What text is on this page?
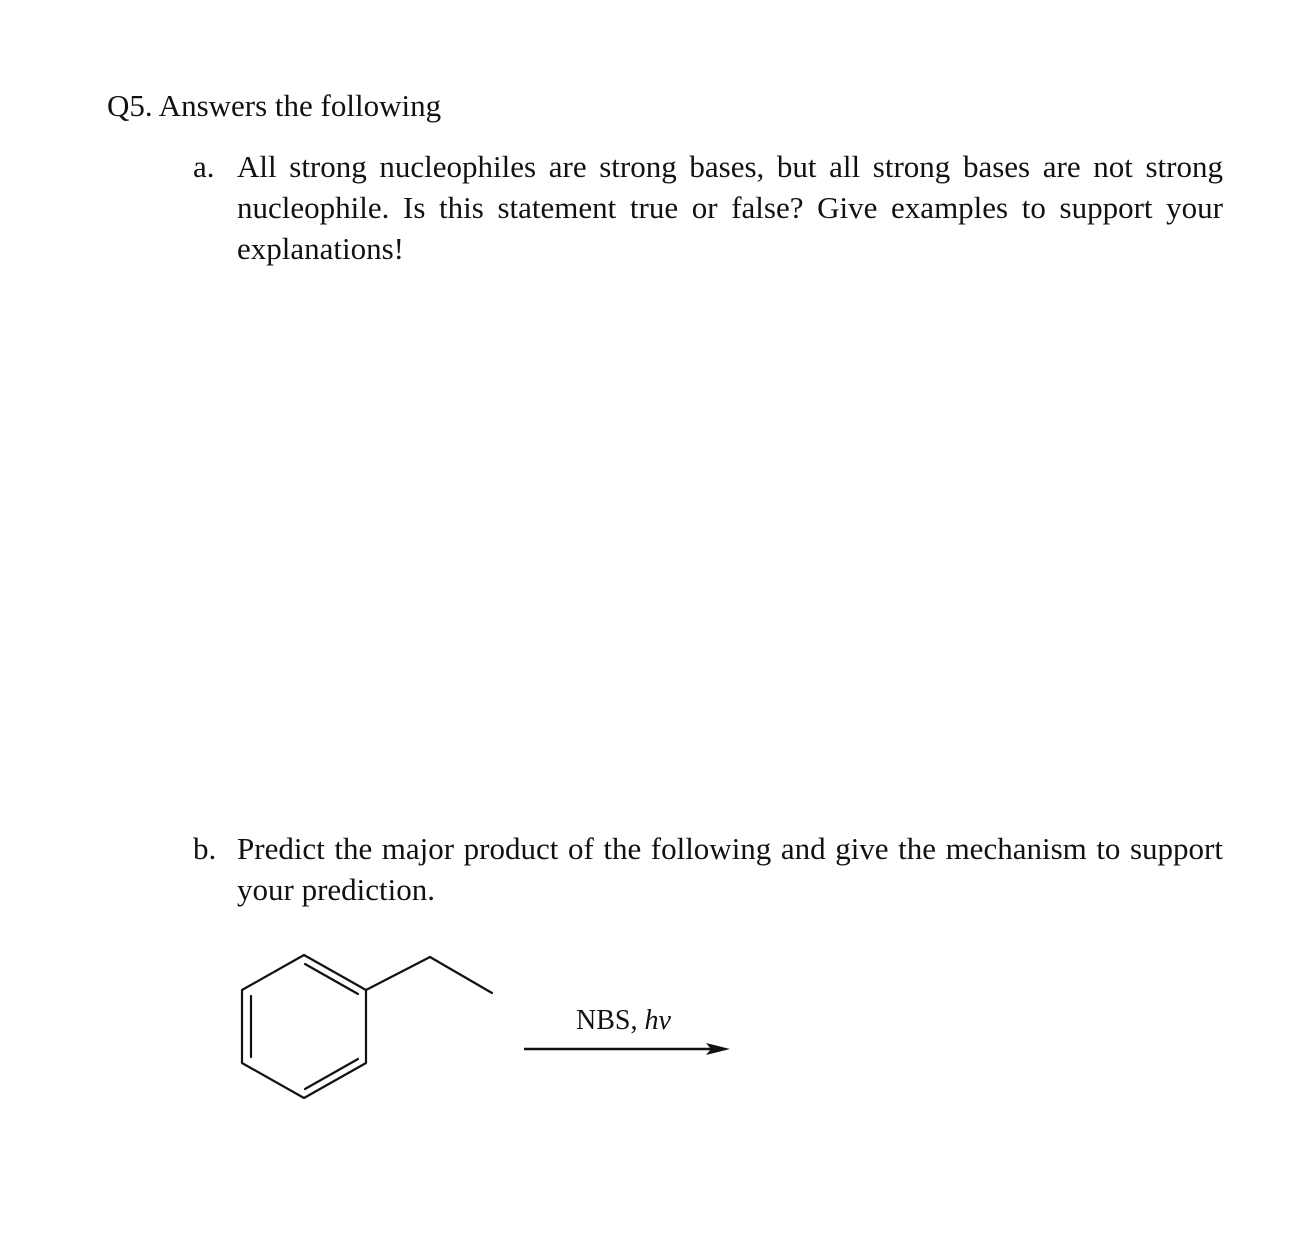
Q5. Answers the following
a. All strong nucleophiles are strong bases, but all strong bases are not strong nucleophile. Is this statement true or false? Give examples to support your explanations!
b. Predict the major product of the following and give the mechanism to support your prediction.
NBS, hv
